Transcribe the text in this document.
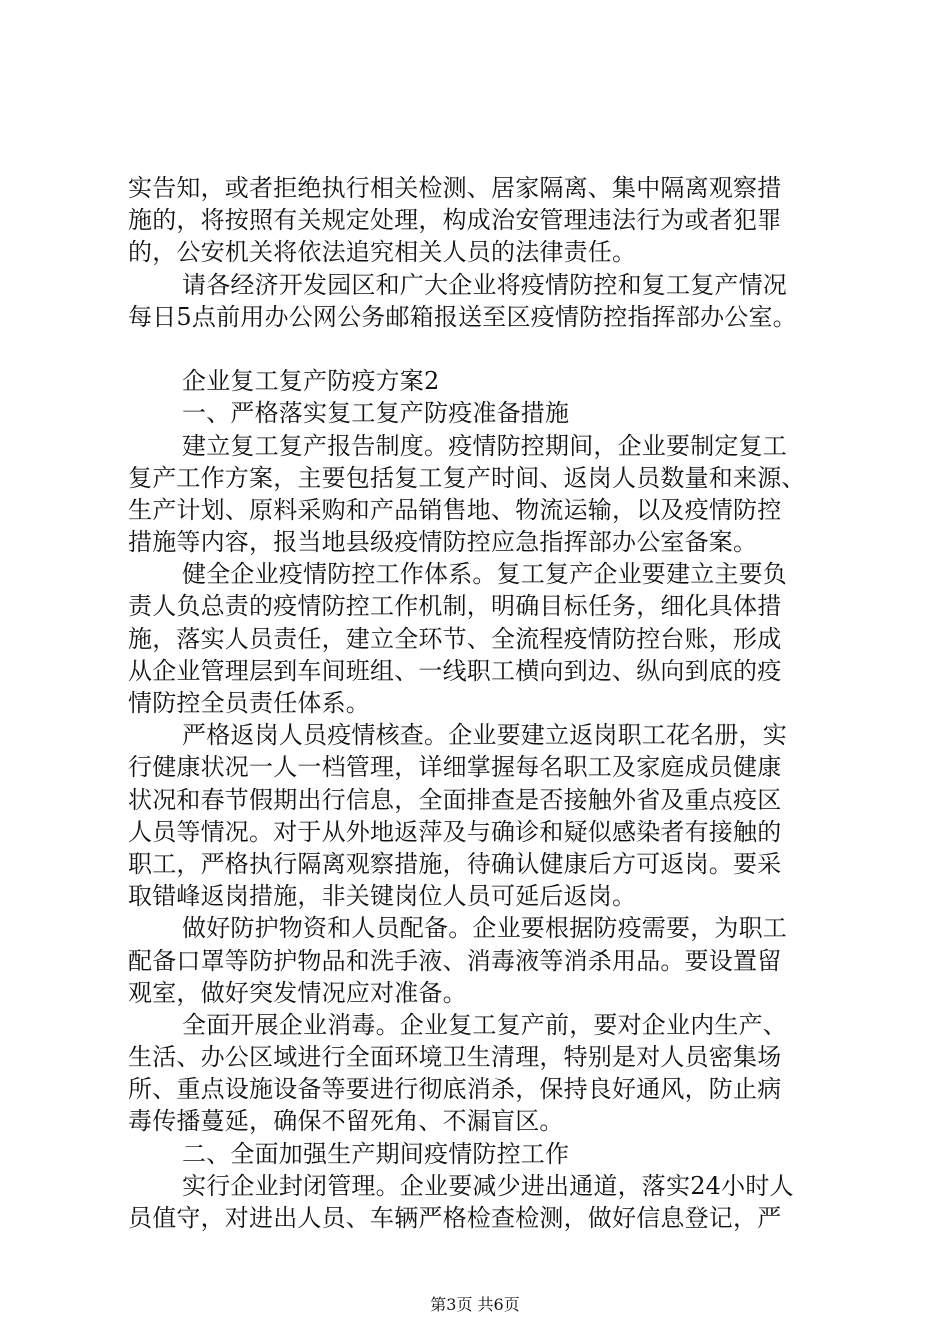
实告知，或者拒绝执行相关检测、居家隔离、集中隔离观察措
施的，将按照有关规定处理，构成治安管理违法行为或者犯罪
的，公安机关将依法追究相关人员的法律责任。
请各经济开发园区和广大企业将疫情防控和复工复产情况
每日5点前用办公网公务邮箱报送至区疫情防控指挥部办公室。
企业复工复产防疫方案2
一、严格落实复工复产防疫准备措施
建立复工复产报告制度。疫情防控期间，企业要制定复工
复产工作方案，主要包括复工复产时间、返岗人员数量和来源、
生产计划、原料采购和产品销售地、物流运输，以及疫情防控
措施等内容，报当地县级疫情防控应急指挥部办公室备案。
健全企业疫情防控工作体系。复工复产企业要建立主要负
责人负总责的疫情防控工作机制，明确目标任务，细化具体措
施，落实人员责任，建立全环节、全流程疫情防控台账，形成
从企业管理层到车间班组、一线职工横向到边、纵向到底的疫
情防控全员责任体系。
严格返岗人员疫情核查。企业要建立返岗职工花名册，实
行健康状况一人一档管理，详细掌握每名职工及家庭成员健康
状况和春节假期出行信息，全面排查是否接触外省及重点疫区
人员等情况。对于从外地返萍及与确诊和疑似感染者有接触的
职工，严格执行隔离观察措施，待确认健康后方可返岗。要采
取错峰返岗措施，非关键岗位人员可延后返岗。
做好防护物资和人员配备。企业要根据防疫需要，为职工
配备口罩等防护物品和洗手液、消毒液等消杀用品。要设置留
观室，做好突发情况应对准备。
全面开展企业消毒。企业复工复产前，要对企业内生产、
生活、办公区域进行全面环境卫生清理，特别是对人员密集场
所、重点设施设备等要进行彻底消杀，保持良好通风，防止病
毒传播蔓延，确保不留死角、不漏盲区。
二、全面加强生产期间疫情防控工作
实行企业封闭管理。企业要减少进出通道，落实24小时人
员值守，对进出人员、车辆严格检查检测，做好信息登记，严
第3页 共6页
